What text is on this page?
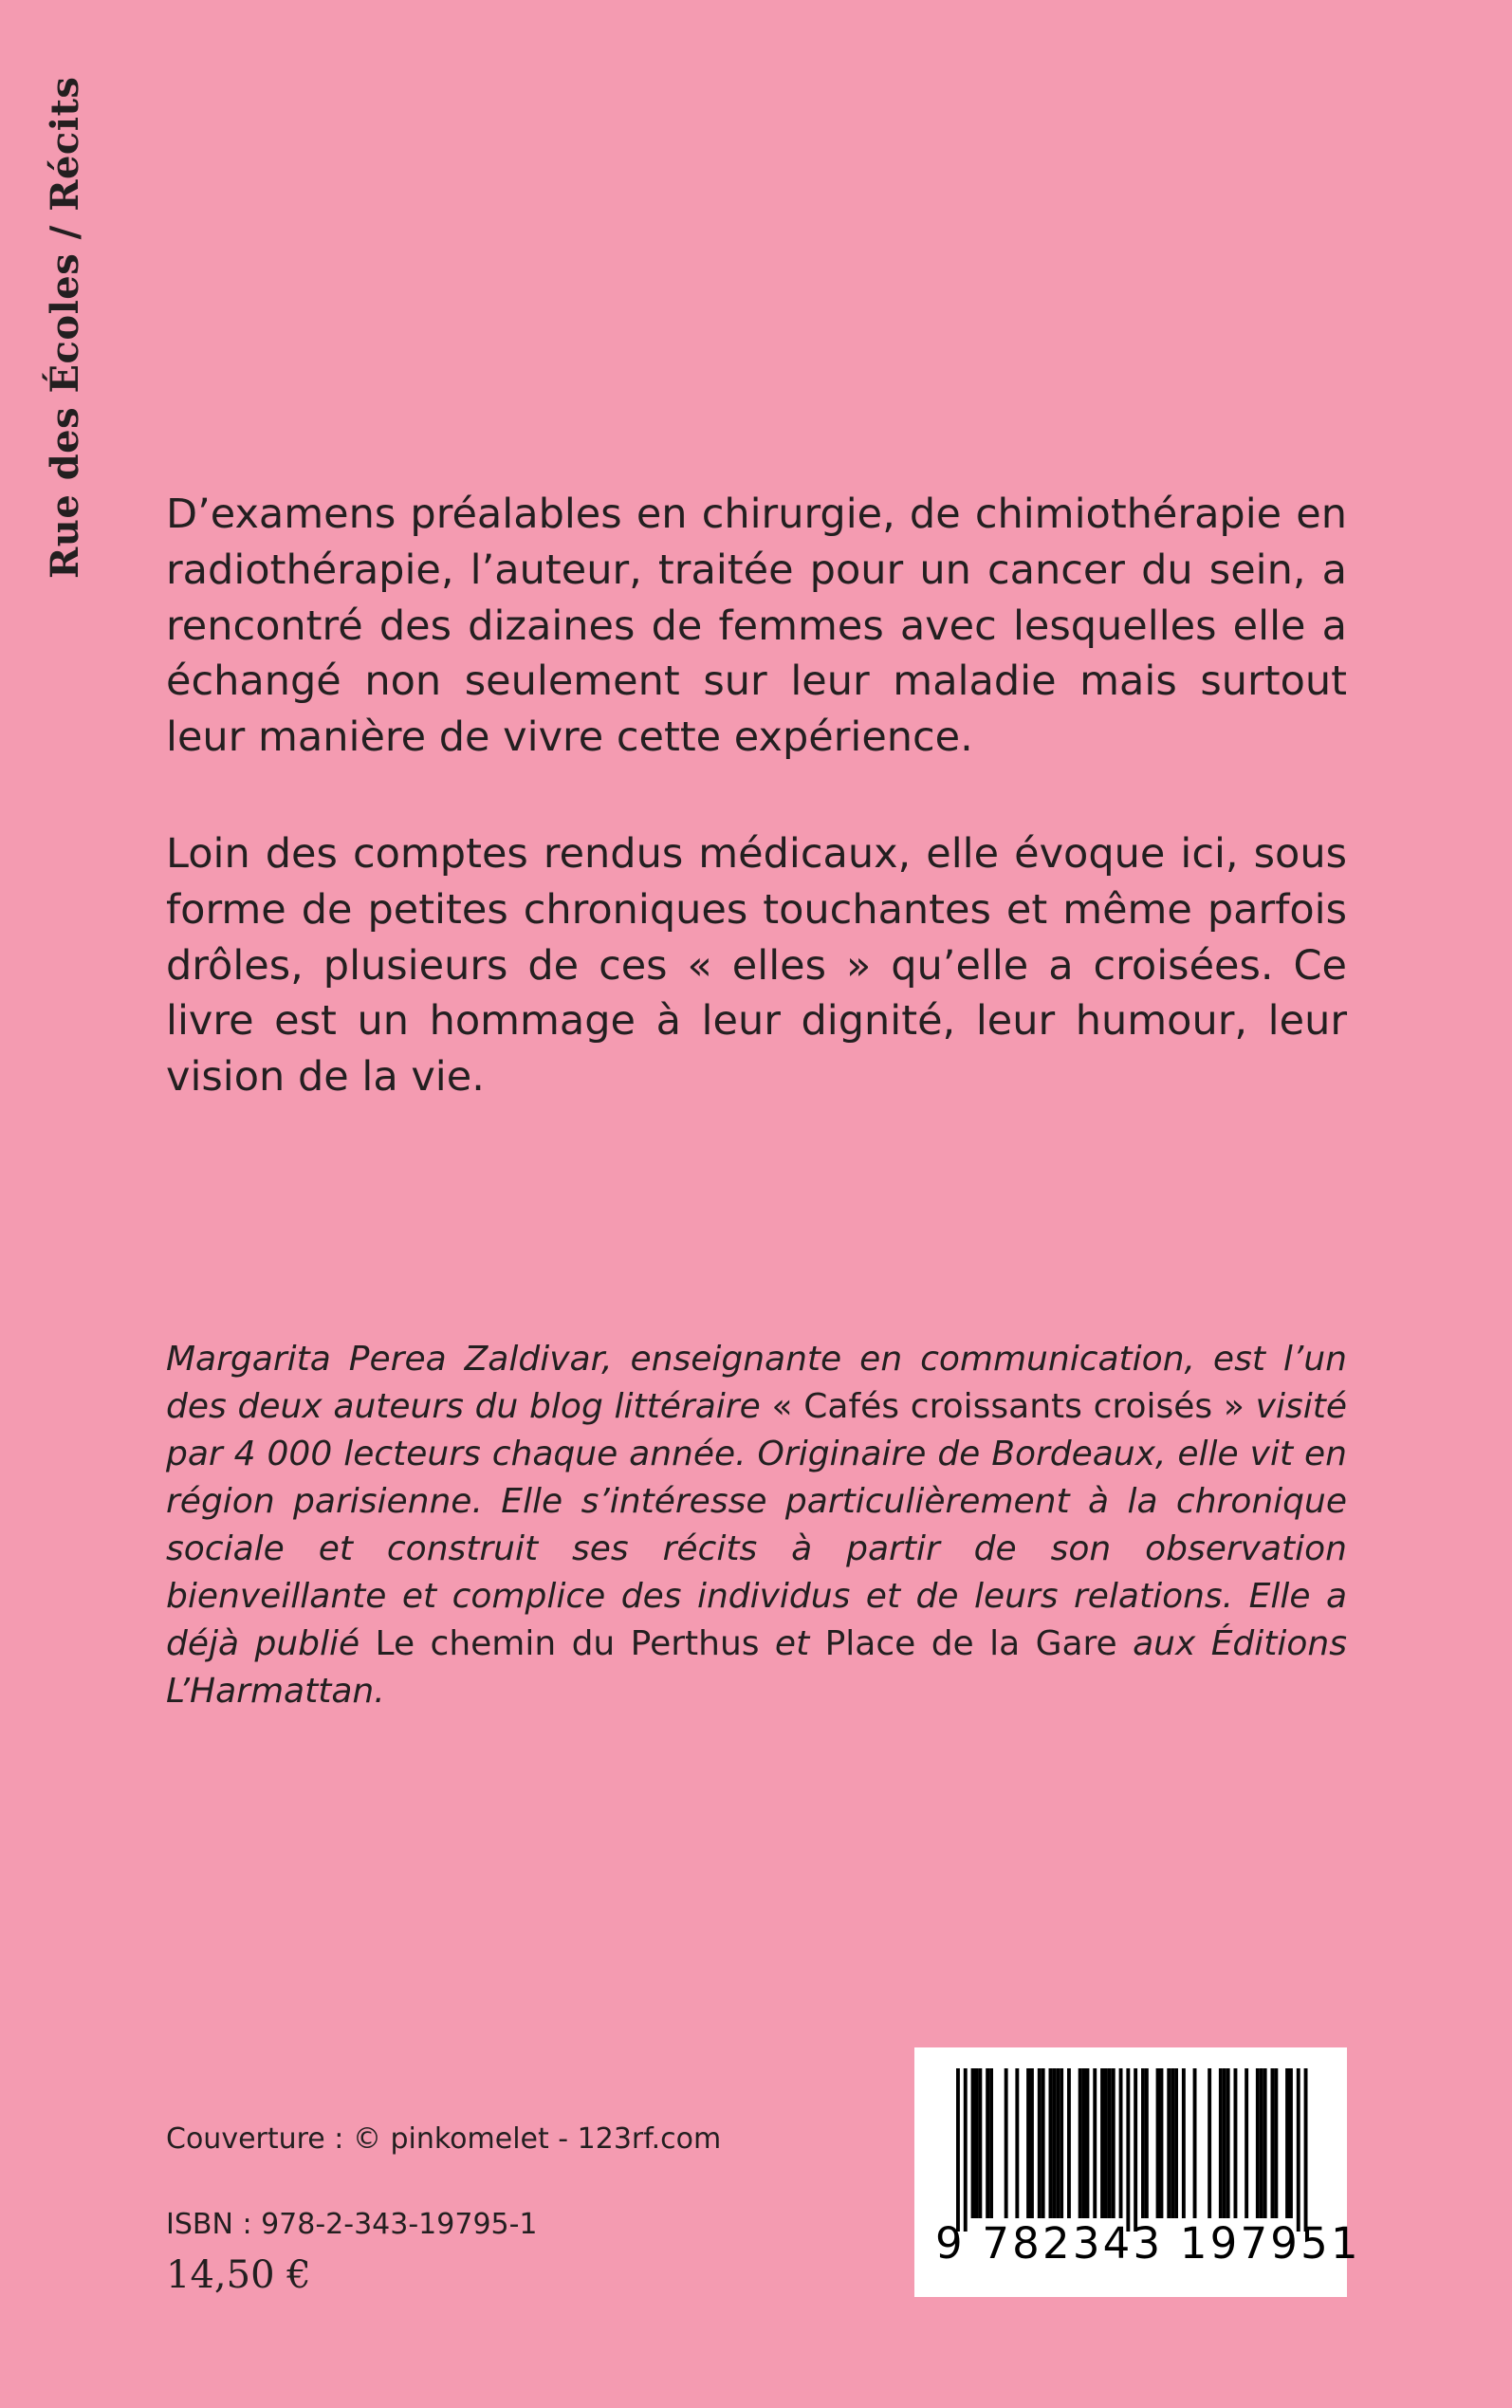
Rue des Écoles / Récits D’examens préalables en chirurgie, de chimiothérapie en radiothérapie, l’auteur, traitée pour un cancer du sein, a rencontré des dizaines de femmes avec lesquelles elle a échangé non seulement sur leur maladie mais surtout leur manière de vivre cette expérience.

Loin des comptes rendus médicaux, elle évoque ici, sous forme de petites chroniques touchantes et même parfois drôles, plusieurs de ces « elles » qu’elle a croisées. Ce livre est un hommage à leur dignité, leur humour, leur vision de la vie.

Margarita Perea Zaldivar, enseignante en communication, est l’un des deux auteurs du blog littéraire « Cafés croissants croisés » visité par 4 000 lecteurs chaque année. Originaire de Bordeaux, elle vit en région parisienne. Elle s’intéresse particulièrement à la chronique sociale et construit ses récits à partir de son observation bienveillante et complice des individus et de leurs relations. Elle a déjà publié Le chemin du Perthus et Place de la Gare aux Éditions L’Harmattan.
Couverture : © pinkomelet - 123rf.com
ISBN : 978-2-343-19795-1
14,50 €
9 782343 197951
